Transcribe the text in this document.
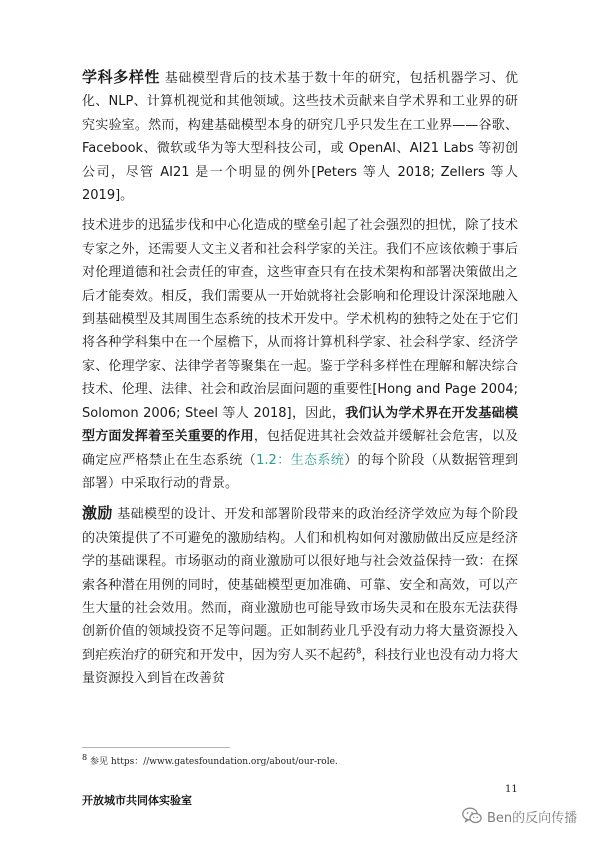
学科多样性 基础模型背后的技术基于数十年的研究，包括机器学习、优化、NLP、计算机视觉和其他领域。这些技术贡献来自学术界和工业界的研究实验室。然而，构建基础模型本身的研究几乎只发生在工业界——谷歌、Facebook、微软或华为等大型科技公司，或 OpenAI、AI21 Labs 等初创公司，尽管 AI21 是一个明显的例外[Peters 等人 2018; Zellers 等人 2019]。

技术进步的迅猛步伐和中心化造成的壁垒引起了社会强烈的担忧，除了技术专家之外，还需要人文主义者和社会科学家的关注。我们不应该依赖于事后对伦理道德和社会责任的审查，这些审查只有在技术架构和部署决策做出之后才能奏效。相反，我们需要从一开始就将社会影响和伦理设计深深地融入到基础模型及其周围生态系统的技术开发中。学术机构的独特之处在于它们将各种学科集中在一个屋檐下，从而将计算机科学家、社会科学家、经济学家、伦理学家、法律学者等聚集在一起。鉴于学科多样性在理解和解决综合技术、伦理、法律、社会和政治层面问题的重要性[Hong and Page 2004; Solomon 2006; Steel 等人 2018]，因此，我们认为学术界在开发基础模型方面发挥着至关重要的作用，包括促进其社会效益并缓解社会危害，以及确定应严格禁止在生态系统（1.2：生态系统）的每个阶段（从数据管理到部署）中采取行动的背景。

激励 基础模型的设计、开发和部署阶段带来的政治经济学效应为每个阶段的决策提供了不可避免的激励结构。人们和机构如何对激励做出反应是经济学的基础课程。市场驱动的商业激励可以很好地与社会效益保持一致：在探索各种潜在用例的同时，使基础模型更加准确、可靠、安全和高效，可以产生大量的社会效用。然而，商业激励也可能导致市场失灵和在股东无法获得创新价值的领域投资不足等问题。正如制药业几乎没有动力将大量资源投入到疟疾治疗的研究和开发中，因为穷人买不起药$^8$，科技行业也没有动力将大量资源投入到旨在改善贫

$^8$ 参见 https：//www.gatesfoundation.org/about/our-role.
11
开放城市共同体实验室
Ben的反向传播
